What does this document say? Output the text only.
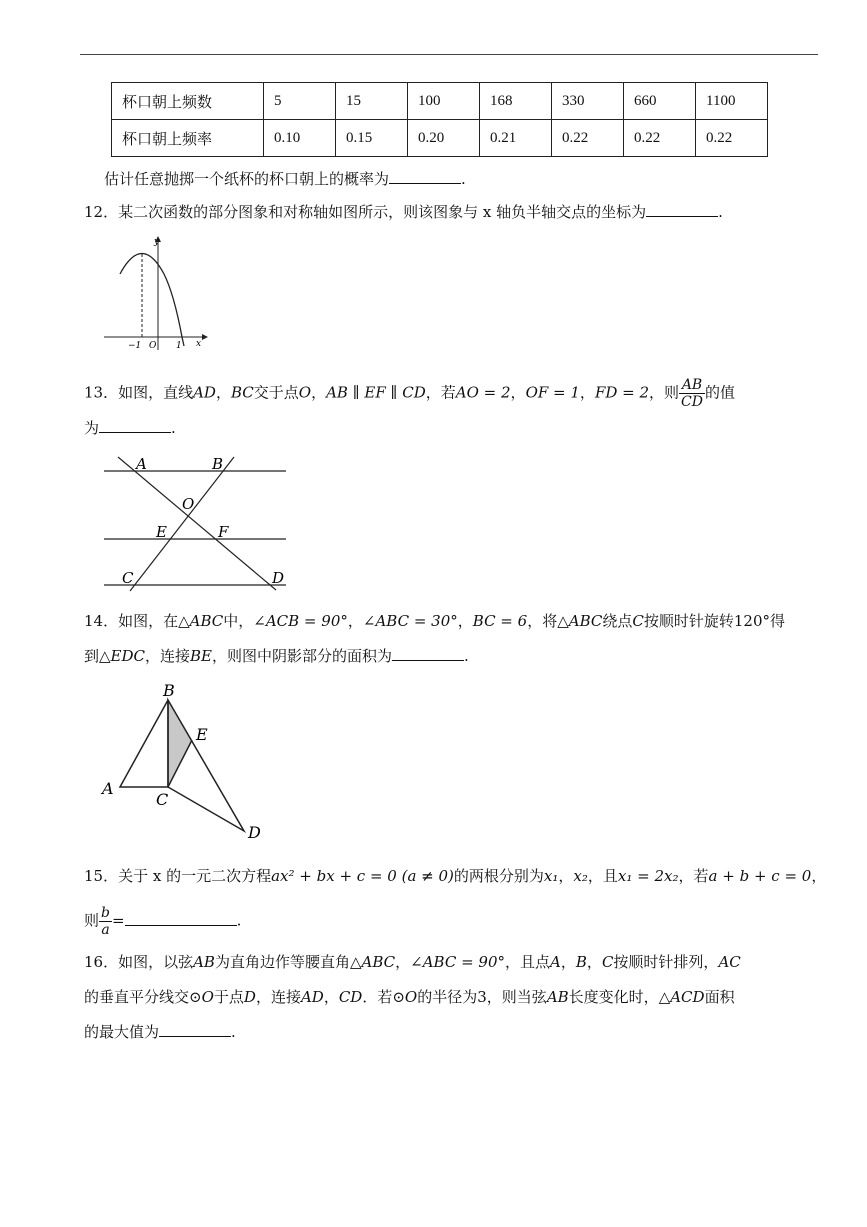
杯口朝上频数	5	15	100	168	330	660	1100
杯口朝上频率	0.10	0.15	0.20	0.21	0.22	0.22	0.22
估计任意抛掷一个纸杯的杯口朝上的概率为	.
12．某二次函数的部分图象和对称轴如图所示，则该图象与 x 轴负半轴交点的坐标为	.
y
x
−1 O 1
13．如图，直线AD，BC交于点O，AB ∥ EF ∥ CD，若AO = 2，OF = 1，FD = 2，则 $\frac{AB}{CD}$ 的值
为	.
A	B
O
E	F
C	D
14．如图，在△ABC中，∠ACB = 90°，∠ABC = 30°，BC = 6，将△ABC绕点C按顺时针旋转120°得
到△EDC，连接BE，则图中阴影部分的面积为	.
B
E
A
C
D
15．关于 x 的一元二次方程ax² + bx + c = 0 (a ≠ 0)的两根分别为x₁，x₂，且x₁ = 2x₂，若a + b + c = 0，
则 $\frac{b}{a}$ =	.
16．如图，以弦AB为直角边作等腰直角△ABC，∠ABC = 90°，且点A，B，C按顺时针排列，AC
的垂直平分线交⊙O于点D，连接AD，CD．若⊙O的半径为3，则当弦AB长度变化时，△ACD面积
的最大值为	.
